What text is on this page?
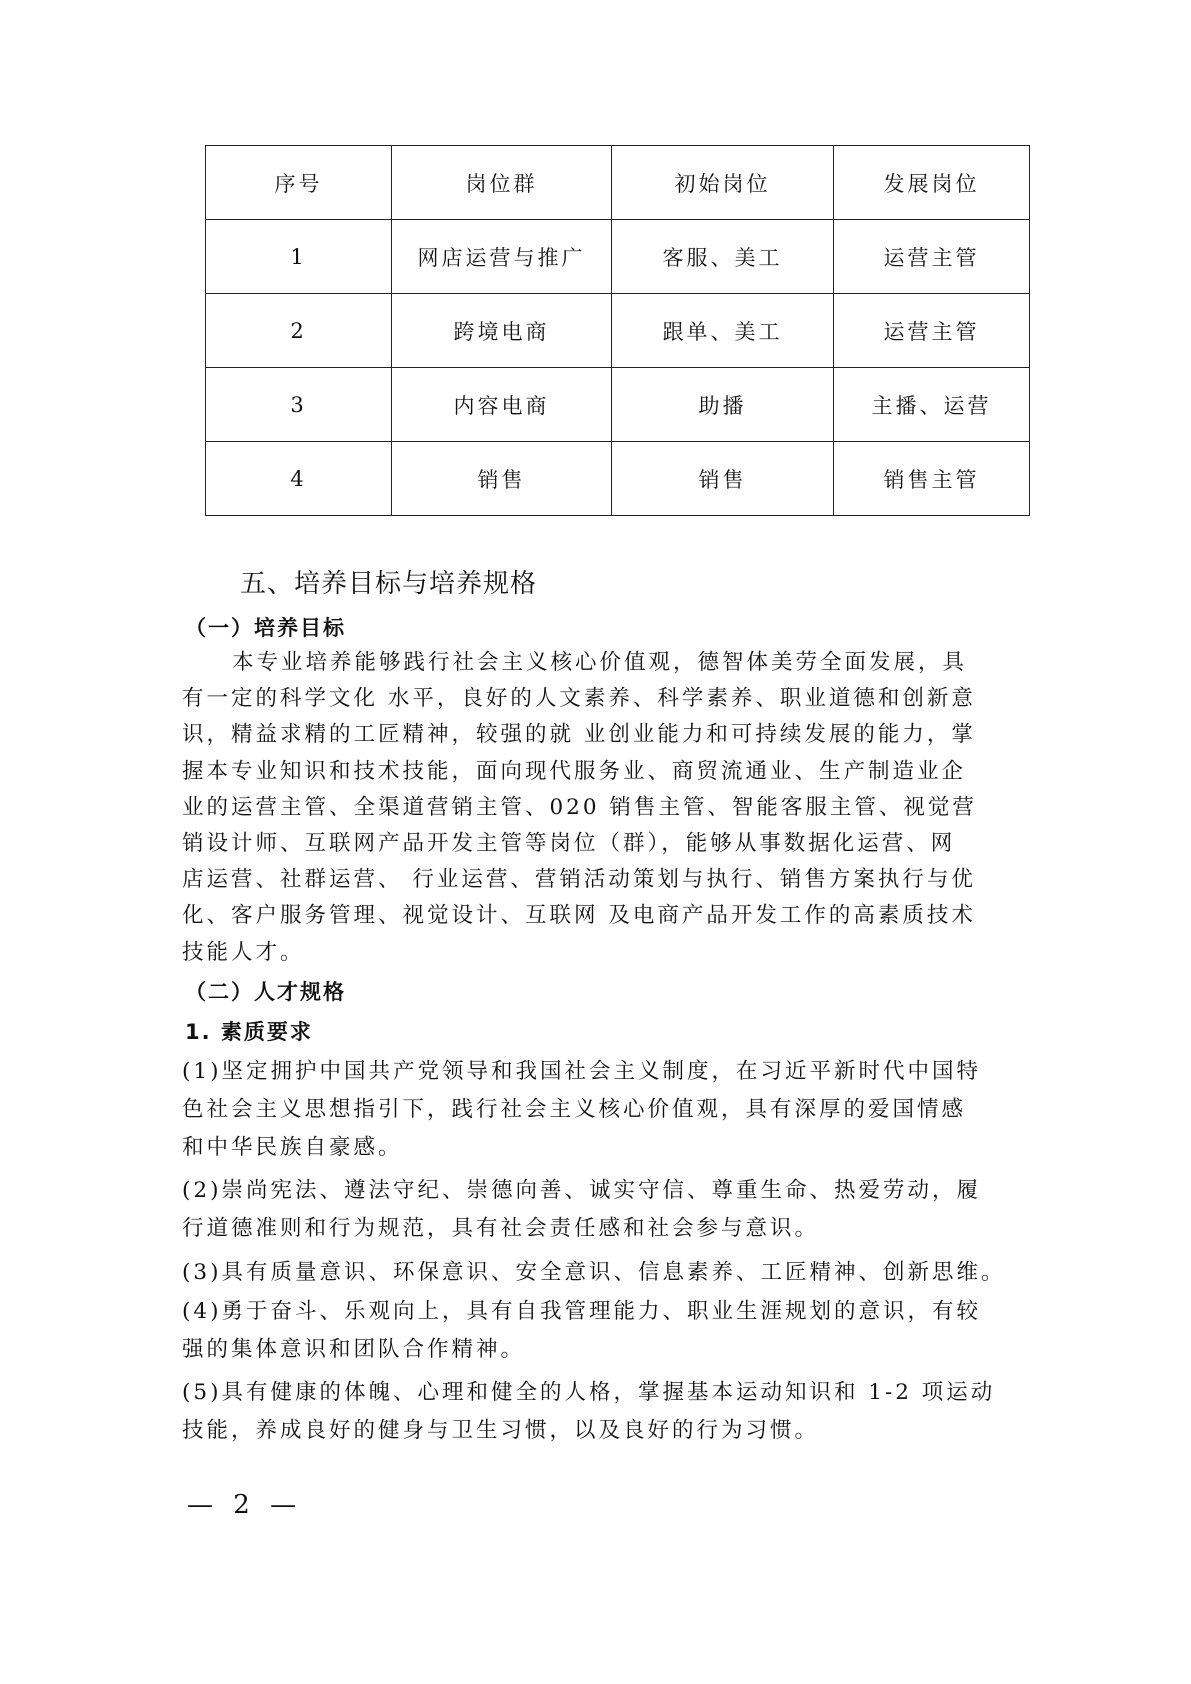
序号	岗位群	初始岗位	发展岗位
1	网店运营与推广	客服、美工	运营主管
2	跨境电商	跟单、美工	运营主管
3	内容电商	助播	主播、运营
4	销售	销售	销售主管
五、培养目标与培养规格
（一）培养目标

本专业培养能够践行社会主义核心价值观，德智体美劳全面发展，具
有一定的科学文化 水平，良好的人文素养、科学素养、职业道德和创新意
识，精益求精的工匠精神，较强的就 业创业能力和可持续发展的能力，掌
握本专业知识和技术技能，面向现代服务业、商贸流通业、生产制造业企
业的运营主管、全渠道营销主管、020 销售主管、智能客服主管、视觉营
销设计师、互联网产品开发主管等岗位（群），能够从事数据化运营、网
店运营、社群运营、 行业运营、营销活动策划与执行、销售方案执行与优
化、客户服务管理、视觉设计、互联网 及电商产品开发工作的高素质技术
技能人才。

（二）人才规格
1. 素质要求
(1)坚定拥护中国共产党领导和我国社会主义制度，在习近平新时代中国特
色社会主义思想指引下，践行社会主义核心价值观，具有深厚的爱国情感
和中华民族自豪感。
(2)崇尚宪法、遵法守纪、崇德向善、诚实守信、尊重生命、热爱劳动，履
行道德准则和行为规范，具有社会责任感和社会参与意识。
(3)具有质量意识、环保意识、安全意识、信息素养、工匠精神、创新思维。
(4)勇于奋斗、乐观向上，具有自我管理能力、职业生涯规划的意识，有较
强的集体意识和团队合作精神。
(5)具有健康的体魄、心理和健全的人格，掌握基本运动知识和 1-2 项运动
技能，养成良好的健身与卫生习惯，以及良好的行为习惯。
— 2 —
